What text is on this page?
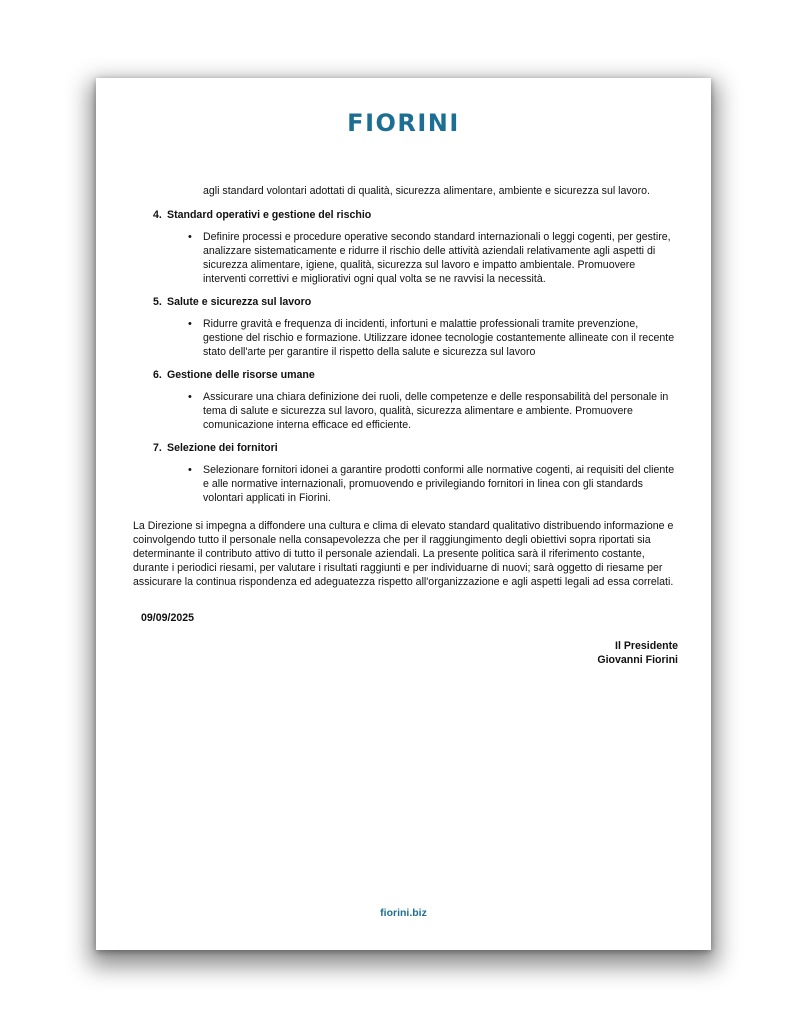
FIORINI
agli standard volontari adottati di qualità, sicurezza alimentare, ambiente e sicurezza sul lavoro.
4. Standard operativi e gestione del rischio
•	Definire processi e procedure operative secondo standard internazionali o leggi cogenti, per gestire, analizzare sistematicamente e ridurre il rischio delle attività aziendali relativamente agli aspetti di sicurezza alimentare, igiene, qualità, sicurezza sul lavoro e impatto ambientale. Promuovere interventi correttivi e migliorativi ogni qual volta se ne ravvisi la necessità.
5. Salute e sicurezza sul lavoro
•	Ridurre gravità e frequenza di incidenti, infortuni e malattie professionali tramite prevenzione, gestione del rischio e formazione. Utilizzare idonee tecnologie costantemente allineate con il recente stato dell'arte per garantire il rispetto della salute e sicurezza sul lavoro
6. Gestione delle risorse umane
•	Assicurare una chiara definizione dei ruoli, delle competenze e delle responsabilità del personale in tema di salute e sicurezza sul lavoro, qualità, sicurezza alimentare e ambiente. Promuovere comunicazione interna efficace ed efficiente.
7. Selezione dei fornitori
•	Selezionare fornitori idonei a garantire prodotti conformi alle normative cogenti, ai requisiti del cliente e alle normative internazionali, promuovendo e privilegiando fornitori in linea con gli standards volontari applicati in Fiorini.
La Direzione si impegna a diffondere una cultura e clima di elevato standard qualitativo distribuendo informazione e coinvolgendo tutto il personale nella consapevolezza che per il raggiungimento degli obiettivi sopra riportati sia determinante il contributo attivo di tutto il personale aziendali. La presente politica sarà il riferimento costante, durante i periodici riesami, per valutare i risultati raggiunti e per individuarne di nuovi; sarà oggetto di riesame per assicurare la continua rispondenza ed adeguatezza rispetto all'organizzazione e agli aspetti legali ad essa correlati.
09/09/2025
Il Presidente
Giovanni Fiorini
fiorini.biz
